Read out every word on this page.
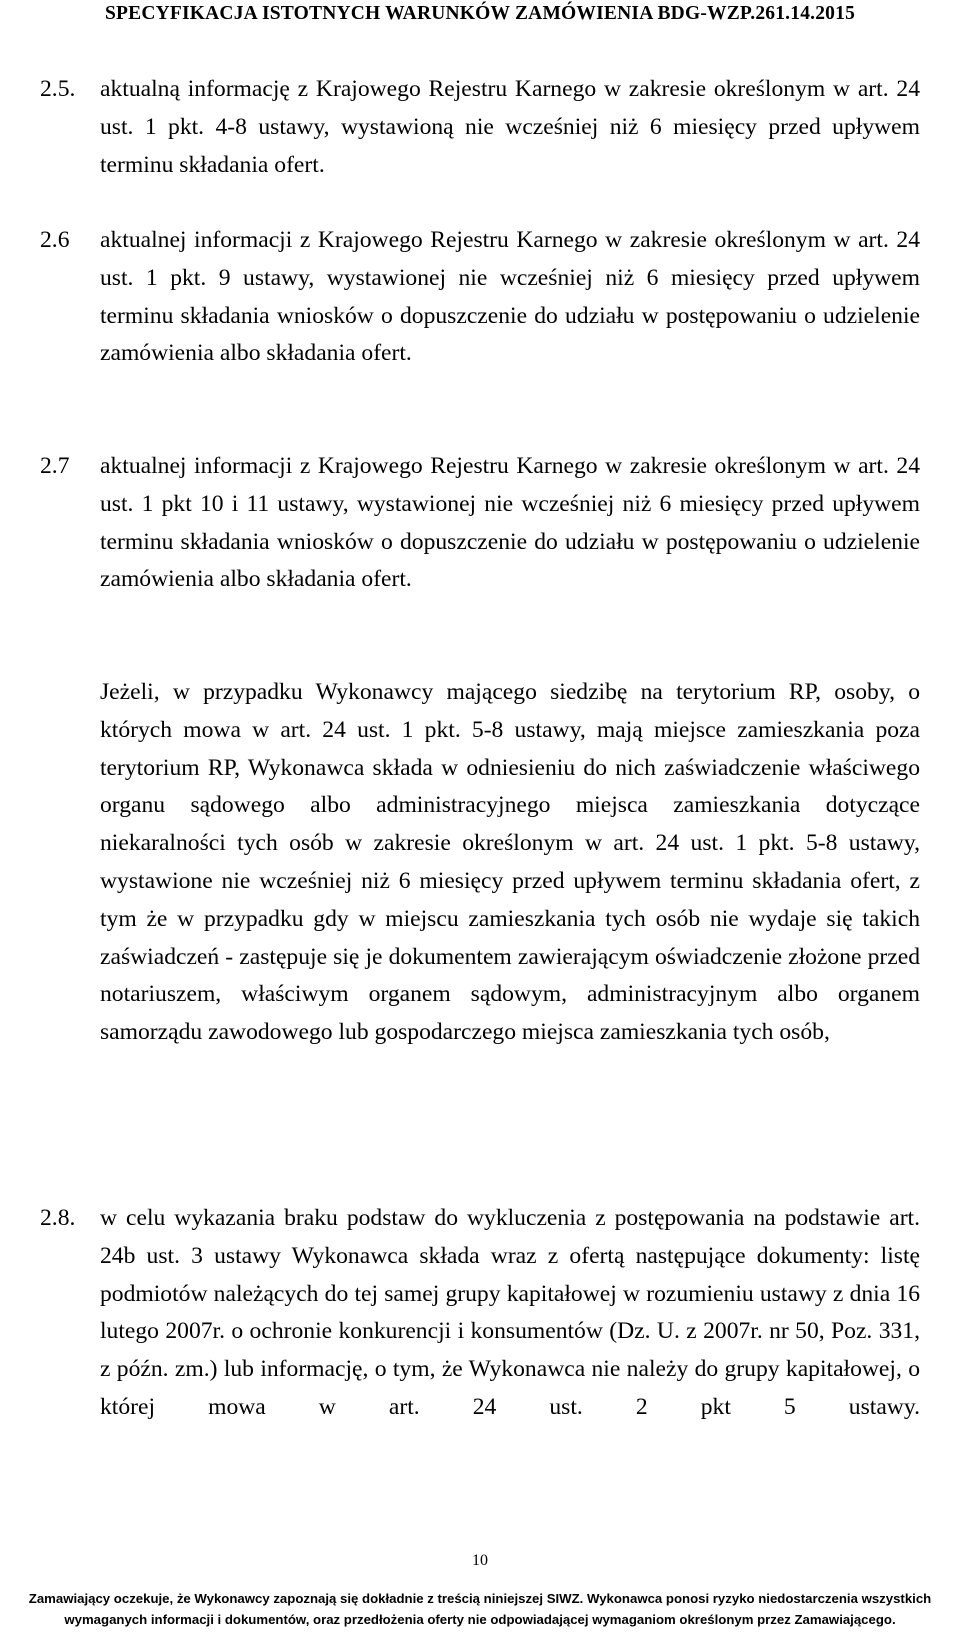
SPECYFIKACJA ISTOTNYCH WARUNKÓW ZAMÓWIENIA BDG-WZP.261.14.2015
2.5. aktualną informację z Krajowego Rejestru Karnego w zakresie określonym w art. 24 ust. 1 pkt. 4-8 ustawy, wystawioną nie wcześniej niż 6 miesięcy przed upływem terminu składania ofert.
2.6 aktualnej informacji z Krajowego Rejestru Karnego w zakresie określonym w art. 24 ust. 1 pkt. 9 ustawy, wystawionej nie wcześniej niż 6 miesięcy przed upływem terminu składania wniosków o dopuszczenie do udziału w postępowaniu o udzielenie zamówienia albo składania ofert.
2.7 aktualnej informacji z Krajowego Rejestru Karnego w zakresie określonym w art. 24 ust. 1 pkt 10 i 11 ustawy, wystawionej nie wcześniej niż 6 miesięcy przed upływem terminu składania wniosków o dopuszczenie do udziału w postępowaniu o udzielenie zamówienia albo składania ofert.
Jeżeli, w przypadku Wykonawcy mającego siedzibę na terytorium RP, osoby, o których mowa w art. 24 ust. 1 pkt. 5-8 ustawy, mają miejsce zamieszkania poza terytorium RP, Wykonawca składa w odniesieniu do nich zaświadczenie właściwego organu sądowego albo administracyjnego miejsca zamieszkania dotyczące niekaralności tych osób w zakresie określonym w art. 24 ust. 1 pkt. 5-8 ustawy, wystawione nie wcześniej niż 6 miesięcy przed upływem terminu składania ofert, z tym że w przypadku gdy w miejscu zamieszkania tych osób nie wydaje się takich zaświadczeń - zastępuje się je dokumentem zawierającym oświadczenie złożone przed notariuszem, właściwym organem sądowym, administracyjnym albo organem samorządu zawodowego lub gospodarczego miejsca zamieszkania tych osób,
2.8. w celu wykazania braku podstaw do wykluczenia z postępowania na podstawie art. 24b ust. 3 ustawy Wykonawca składa wraz z ofertą następujące dokumenty: listę podmiotów należących do tej samej grupy kapitałowej w rozumieniu ustawy z dnia 16 lutego 2007r. o ochronie konkurencji i konsumentów (Dz. U. z 2007r. nr 50, Poz. 331, z późn. zm.) lub informację, o tym, że Wykonawca nie należy do grupy kapitałowej, o której mowa w art. 24 ust. 2 pkt 5 ustawy.
10
Zamawiający oczekuje, że Wykonawcy zapoznają się dokładnie z treścią niniejszej SIWZ. Wykonawca ponosi ryzyko niedostarczenia wszystkich
wymaganych informacji i dokumentów, oraz przedłożenia oferty nie odpowiadającej wymaganiom określonym przez Zamawiającego.
